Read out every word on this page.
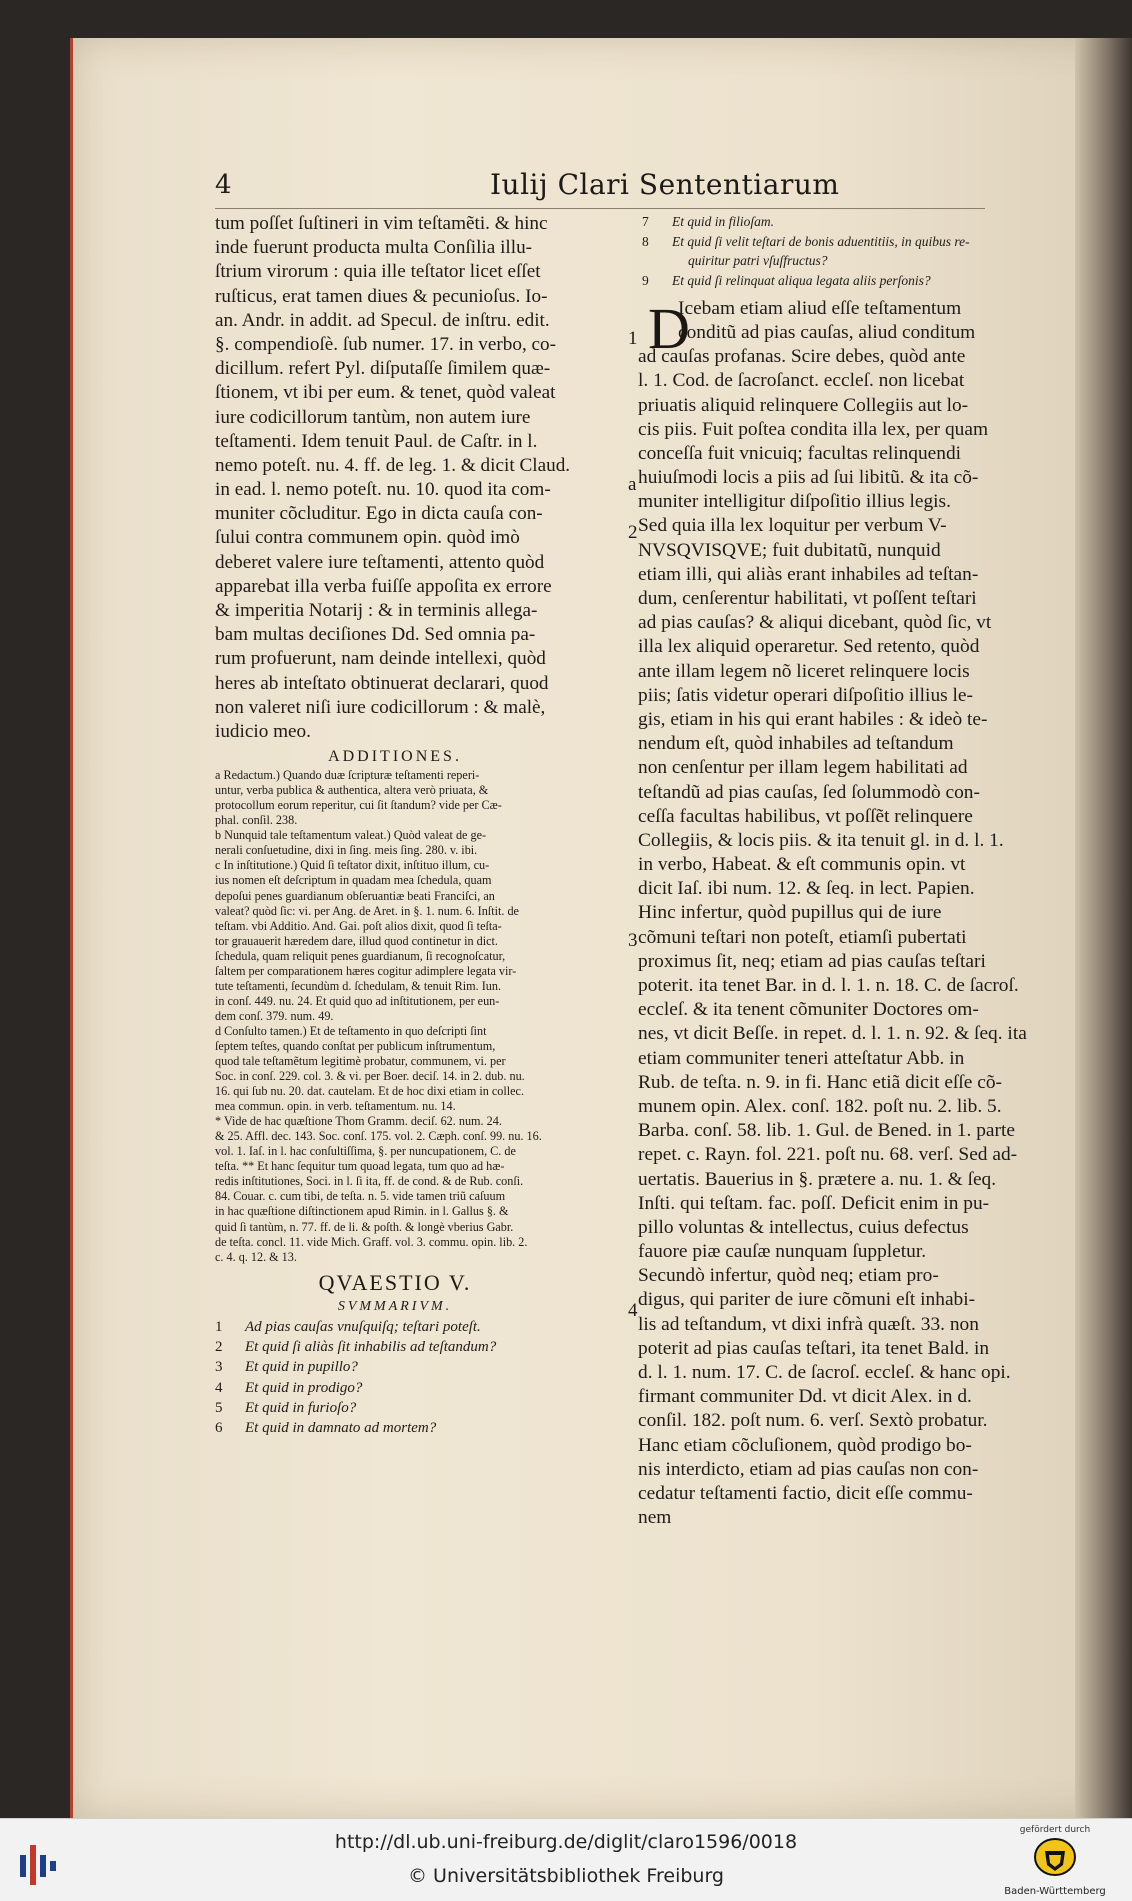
4	Iulij Clari Sententiarum
tum poſſet ſuſtineri in vim teſtamẽti. & hinc
inde fuerunt producta multa Conſilia illu-
ſtrium virorum : quia ille teſtator licet eſſet
ruſticus, erat tamen diues & pecunioſus. Io-
an. Andr. in addit. ad Specul. de inſtru. edit.
§. compendioſè. ſub numer. 17. in verbo, co-
dicillum. refert Pyl. diſputaſſe ſimilem quæ-
ſtionem, vt ibi per eum. & tenet, quòd valeat
iure codicillorum tantùm, non autem iure
teſtamenti. Idem tenuit Paul. de Caſtr. in l.
nemo poteſt. nu. 4. ff. de leg. 1. & dicit Claud.
in ead. l. nemo poteſt. nu. 10. quod ita com-
muniter cõcluditur. Ego in dicta cauſa con-
ſului contra communem opin. quòd imò
deberet valere iure teſtamenti, attento quòd
apparebat illa verba fuiſſe appoſita ex errore
& imperitia Notarij : & in terminis allega-
bam multas deciſiones Dd. Sed omnia pa-
rum profuerunt, nam deinde intellexi, quòd
heres ab inteſtato obtinuerat declarari, quod
non valeret niſi iure codicillorum : & malè,
iudicio meo.
ADDITIONES.
a Redactum.) Quando duæ ſcripturæ teſtamenti reperi-
untur, verba publica & authentica, altera verò priuata, &
protocollum eorum reperitur, cui ſit ſtandum? vide per Cæ-
phal. conſil. 238.
b Nunquid tale teſtamentum valeat.) Quòd valeat de ge-
nerali conſuetudine, dixi in ſing. meis ſing. 280. v. ibi.
c In inſtitutione.) Quid ſi teſtator dixit, inſtituo illum, cu-
ius nomen eſt deſcriptum in quadam mea ſchedula, quam
depoſui penes guardianum obſeruantiæ beati Franciſci, an
valeat? quòd ſic: vi. per Ang. de Aret. in §. 1. num. 6. Inſtit. de
teſtam. vbi Additio. And. Gai. poſt alios dixit, quod ſi teſta-
tor grauauerit hæredem dare, illud quod continetur in dict.
ſchedula, quam reliquit penes guardianum, ſi recognoſcatur,
ſaltem per comparationem hæres cogitur adimplere legata vir-
tute teſtamenti, ſecundùm d. ſchedulam, & tenuit Rim. Iun.
in conſ. 449. nu. 24. Et quid quo ad inſtitutionem, per eun-
dem conſ. 379. num. 49.
d Conſulto tamen.) Et de teſtamento in quo deſcripti ſint
ſeptem teſtes, quando conſtat per publicum inſtrumentum,
quod tale teſtamẽtum legitimè probatur, communem, vi. per
Soc. in conſ. 229. col. 3. & vi. per Boer. deciſ. 14. in 2. dub. nu.
16. qui ſub nu. 20. dat. cautelam. Et de hoc dixi etiam in collec.
mea commun. opin. in verb. teſtamentum. nu. 14.
* Vide de hac quæſtione Thom Gramm. deciſ. 62. num. 24.
& 25. Affl. dec. 143. Soc. conſ. 175. vol. 2. Cæph. conſ. 99. nu. 16.
vol. 1. Iaſ. in l. hac conſultiſſima, §. per nuncupationem, C. de
teſta. ** Et hanc ſequitur tum quoad legata, tum quo ad hæ-
redis inſtitutiones, Soci. in l. ſi ita, ff. de cond. & de Rub. conſi.
84. Couar. c. cum tibi, de teſta. n. 5. vide tamen triũ caſuum
in hac quæſtione diſtinctionem apud Rimin. in l. Gallus §. &
quid ſi tantùm, n. 77. ff. de li. & poſth. & longè vberius Gabr.
de teſta. concl. 11. vide Mich. Graff. vol. 3. commu. opin. lib. 2.
c. 4. q. 12. & 13.
QVAESTIO V.
SVMMARIVM.
1 Ad pias cauſas vnuſquiſq; teſtari poteſt.
2 Et quid ſi aliàs ſit inhabilis ad teſtandum?
3 Et quid in pupillo?
4 Et quid in prodigo?
5 Et quid in furioſo?
6 Et quid in damnato ad mortem?
D
7 Et quid in filioſam.
8 Et quid ſi velit teſtari de bonis aduentitiis, in quibus re-
quiritur patri vſuſfructus?
9 Et quid ſi relinquat aliqua legata aliis perſonis?
Icebam etiam aliud eſſe teſtamentum
conditũ ad pias cauſas, aliud conditum
ad cauſas profanas. Scire debes, quòd ante
l. 1. Cod. de ſacroſanct. eccleſ. non licebat
priuatis aliquid relinquere Collegiis aut lo-
cis piis. Fuit poſtea condita illa lex, per quam
conceſſa fuit vnicuiq; facultas relinquendi
huiuſmodi locis a piis ad ſui libitũ. & ita cõ-
muniter intelligitur diſpoſitio illius legis.
Sed quia illa lex loquitur per verbum V-
NVSQVISQVE; fuit dubitatũ, nunquid
etiam illi, qui aliàs erant inhabiles ad teſtan-
dum, cenſerentur habilitati, vt poſſent teſtari
ad pias cauſas? & aliqui dicebant, quòd ſic, vt
illa lex aliquid operaretur. Sed retento, quòd
ante illam legem nõ liceret relinquere locis
piis; ſatis videtur operari diſpoſitio illius le-
gis, etiam in his qui erant habiles : & ideò te-
nendum eſt, quòd inhabiles ad teſtandum
non cenſentur per illam legem habilitati ad
teſtandũ ad pias cauſas, ſed ſolummodò con-
ceſſa facultas habilibus, vt poſſẽt relinquere
Collegiis, & locis piis. & ita tenuit gl. in d. l. 1.
in verbo, Habeat. & eſt communis opin. vt
dicit Iaſ. ibi num. 12. & ſeq. in lect. Papien.
Hinc infertur, quòd pupillus qui de iure
cõmuni teſtari non poteſt, etiamſi pubertati
proximus ſit, neq; etiam ad pias cauſas teſtari
poterit. ita tenet Bar. in d. l. 1. n. 18. C. de ſacroſ.
eccleſ. & ita tenent cõmuniter Doctores om-
nes, vt dicit Beſſe. in repet. d. l. 1. n. 92. & ſeq. ita
etiam communiter teneri atteſtatur Abb. in
Rub. de teſta. n. 9. in fi. Hanc etiã dicit eſſe cõ-
munem opin. Alex. conſ. 182. poſt nu. 2. lib. 5.
Barba. conſ. 58. lib. 1. Gul. de Bened. in 1. parte
repet. c. Rayn. fol. 221. poſt nu. 68. verſ. Sed ad-
uertatis. Bauerius in §. prætere a. nu. 1. & ſeq.
Inſti. qui teſtam. fac. poſſ. Deficit enim in pu-
pillo voluntas & intellectus, cuius defectus
fauore piæ cauſæ nunquam ſuppletur.
Secundò infertur, quòd neq; etiam pro-
digus, qui pariter de iure cõmuni eſt inhabi-
lis ad teſtandum, vt dixi infrà quæſt. 33. non
poterit ad pias cauſas teſtari, ita tenet Bald. in
d. l. 1. num. 17. C. de ſacroſ. eccleſ. & hanc opi.
firmant communiter Dd. vt dicit Alex. in d.
conſil. 182. poſt num. 6. verſ. Sextò probatur.
Hanc etiam cõcluſionem, quòd prodigo bo-
nis interdicto, etiam ad pias cauſas non con-
cedatur teſtamenti factio, dicit eſſe commu-
nem
1
a
2
3
4
http://dl.ub.uni-freiburg.de/diglit/claro1596/0018
© Universitätsbibliothek Freiburg
gefördert durch
Baden-Württemberg
